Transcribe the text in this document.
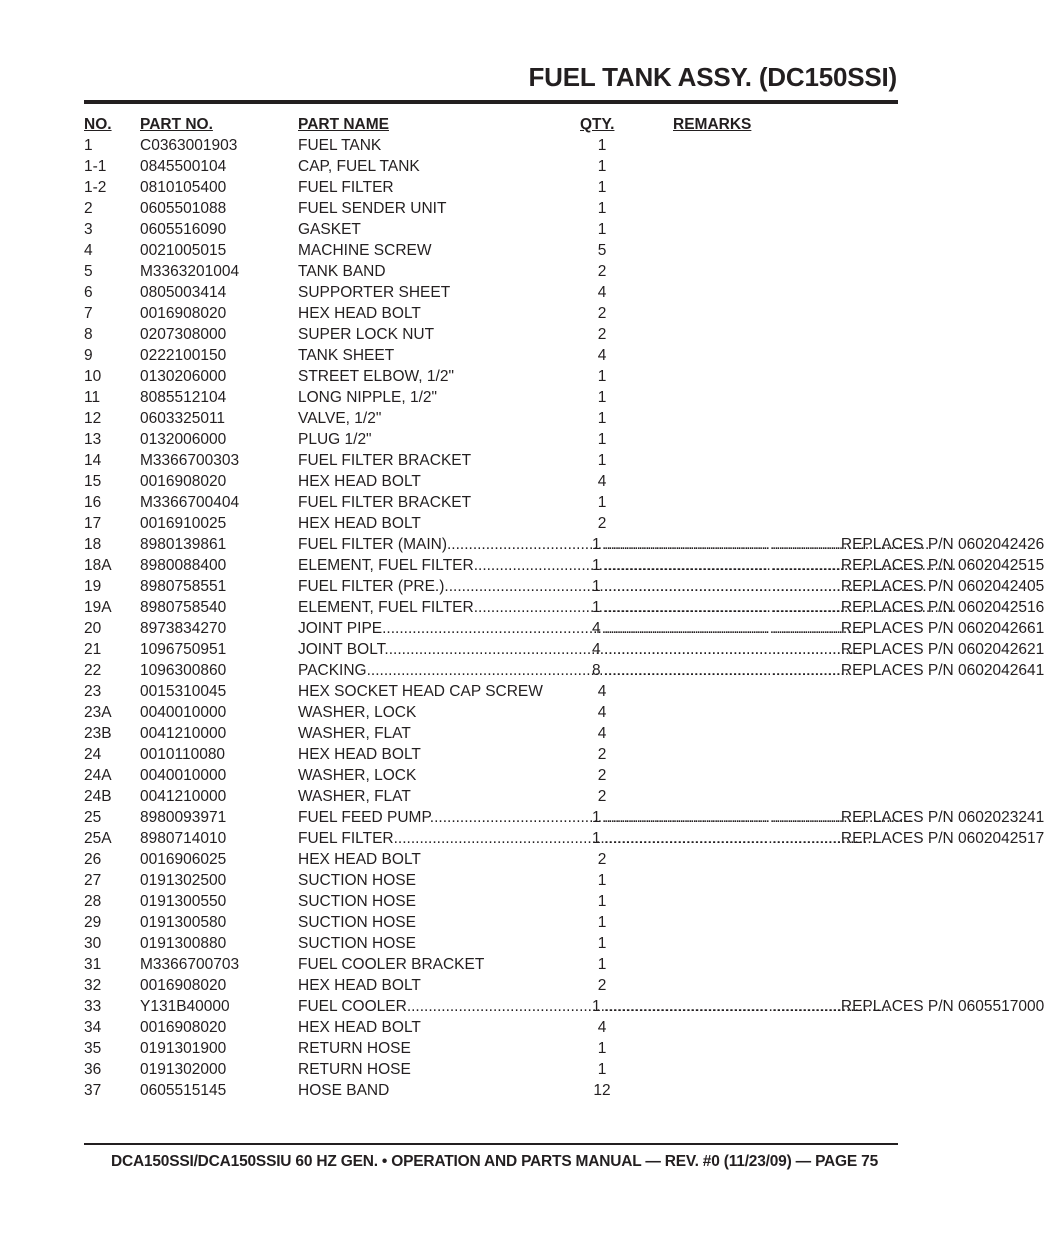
FUEL TANK ASSY. (DC150SSI)
NO. PART NO.	PART NAME	QTY.	REMARKS
1	C0363001903	FUEL TANK	1
1-1 0845500104	CAP, FUEL TANK	1
1-2 0810105400	FUEL FILTER	1
2	0605501088	FUEL SENDER UNIT	1
3	0605516090	GASKET	1
4	0021005015	MACHINE SCREW	5
5	M3363201004	TANK BAND	2
6	0805003414	SUPPORTER SHEET	4
7	0016908020	HEX HEAD BOLT	2
8	0207308000	SUPER LOCK NUT	2
9	0222100150	TANK SHEET	4
10	0130206000	STREET ELBOW, 1/2"	1
11	8085512104	LONG NIPPLE, 1/2"	1
12	0603325011	VALVE, 1/2"	1
13	0132006000	PLUG 1/2"	1
14	M3366700303	FUEL FILTER BRACKET	1
15	0016908020	HEX HEAD BOLT	4
16	M3366700404	FUEL FILTER BRACKET	1
17	0016910025	HEX HEAD BOLT	2
18	8980139861	FUEL FILTER (MAIN) .....	1	..... ................REPLACES P/N 0602042426
18A 8980088400	ELEMENT, FUEL FILTER .....	1	..... ................REPLACES P/N 0602042515
19	8980758551	FUEL FILTER (PRE.) .....	1	..... ................REPLACES P/N 0602042405
19A 8980758540	ELEMENT, FUEL FILTER .....	1	..... ................REPLACES P/N 0602042516
20	8973834270	JOINT PIPE .....	4	..... ................REPLACES P/N 0602042661
21	1096750951	JOINT BOLT .....	4	..... ................REPLACES P/N 0602042621
22	1096300860	PACKING .....	8	..... ................REPLACES P/N 0602042641
23	0015310045	HEX SOCKET HEAD CAP SCREW	4
23A 0040010000	WASHER, LOCK	4
23B 0041210000	WASHER, FLAT	4
24	0010110080	HEX HEAD BOLT	2
24A 0040010000	WASHER, LOCK	2
24B 0041210000	WASHER, FLAT	2
25	8980093971	FUEL FEED PUMP .....	1	..... ................REPLACES P/N 0602023241
25A 8980714010	FUEL FILTER .....	1	..... ................REPLACES P/N 0602042517
26	0016906025	HEX HEAD BOLT	2
27	0191302500	SUCTION HOSE	1
28	0191300550	SUCTION HOSE	1
29	0191300580	SUCTION HOSE	1
30	0191300880	SUCTION HOSE	1
31	M3366700703	FUEL COOLER BRACKET	1
32	0016908020	HEX HEAD BOLT	2
33	Y131B40000	FUEL COOLER .....	1	..... ................REPLACES P/N 0605517000
34	0016908020	HEX HEAD BOLT	4
35	0191301900	RETURN HOSE	1
36	0191302000	RETURN HOSE	1
37	0605515145	HOSE BAND	12
DCA150SSI/DCA150SSIU 60 HZ GEN. • OPERATION AND PARTS MANUAL — REV. #0 (11/23/09) — PAGE 75
